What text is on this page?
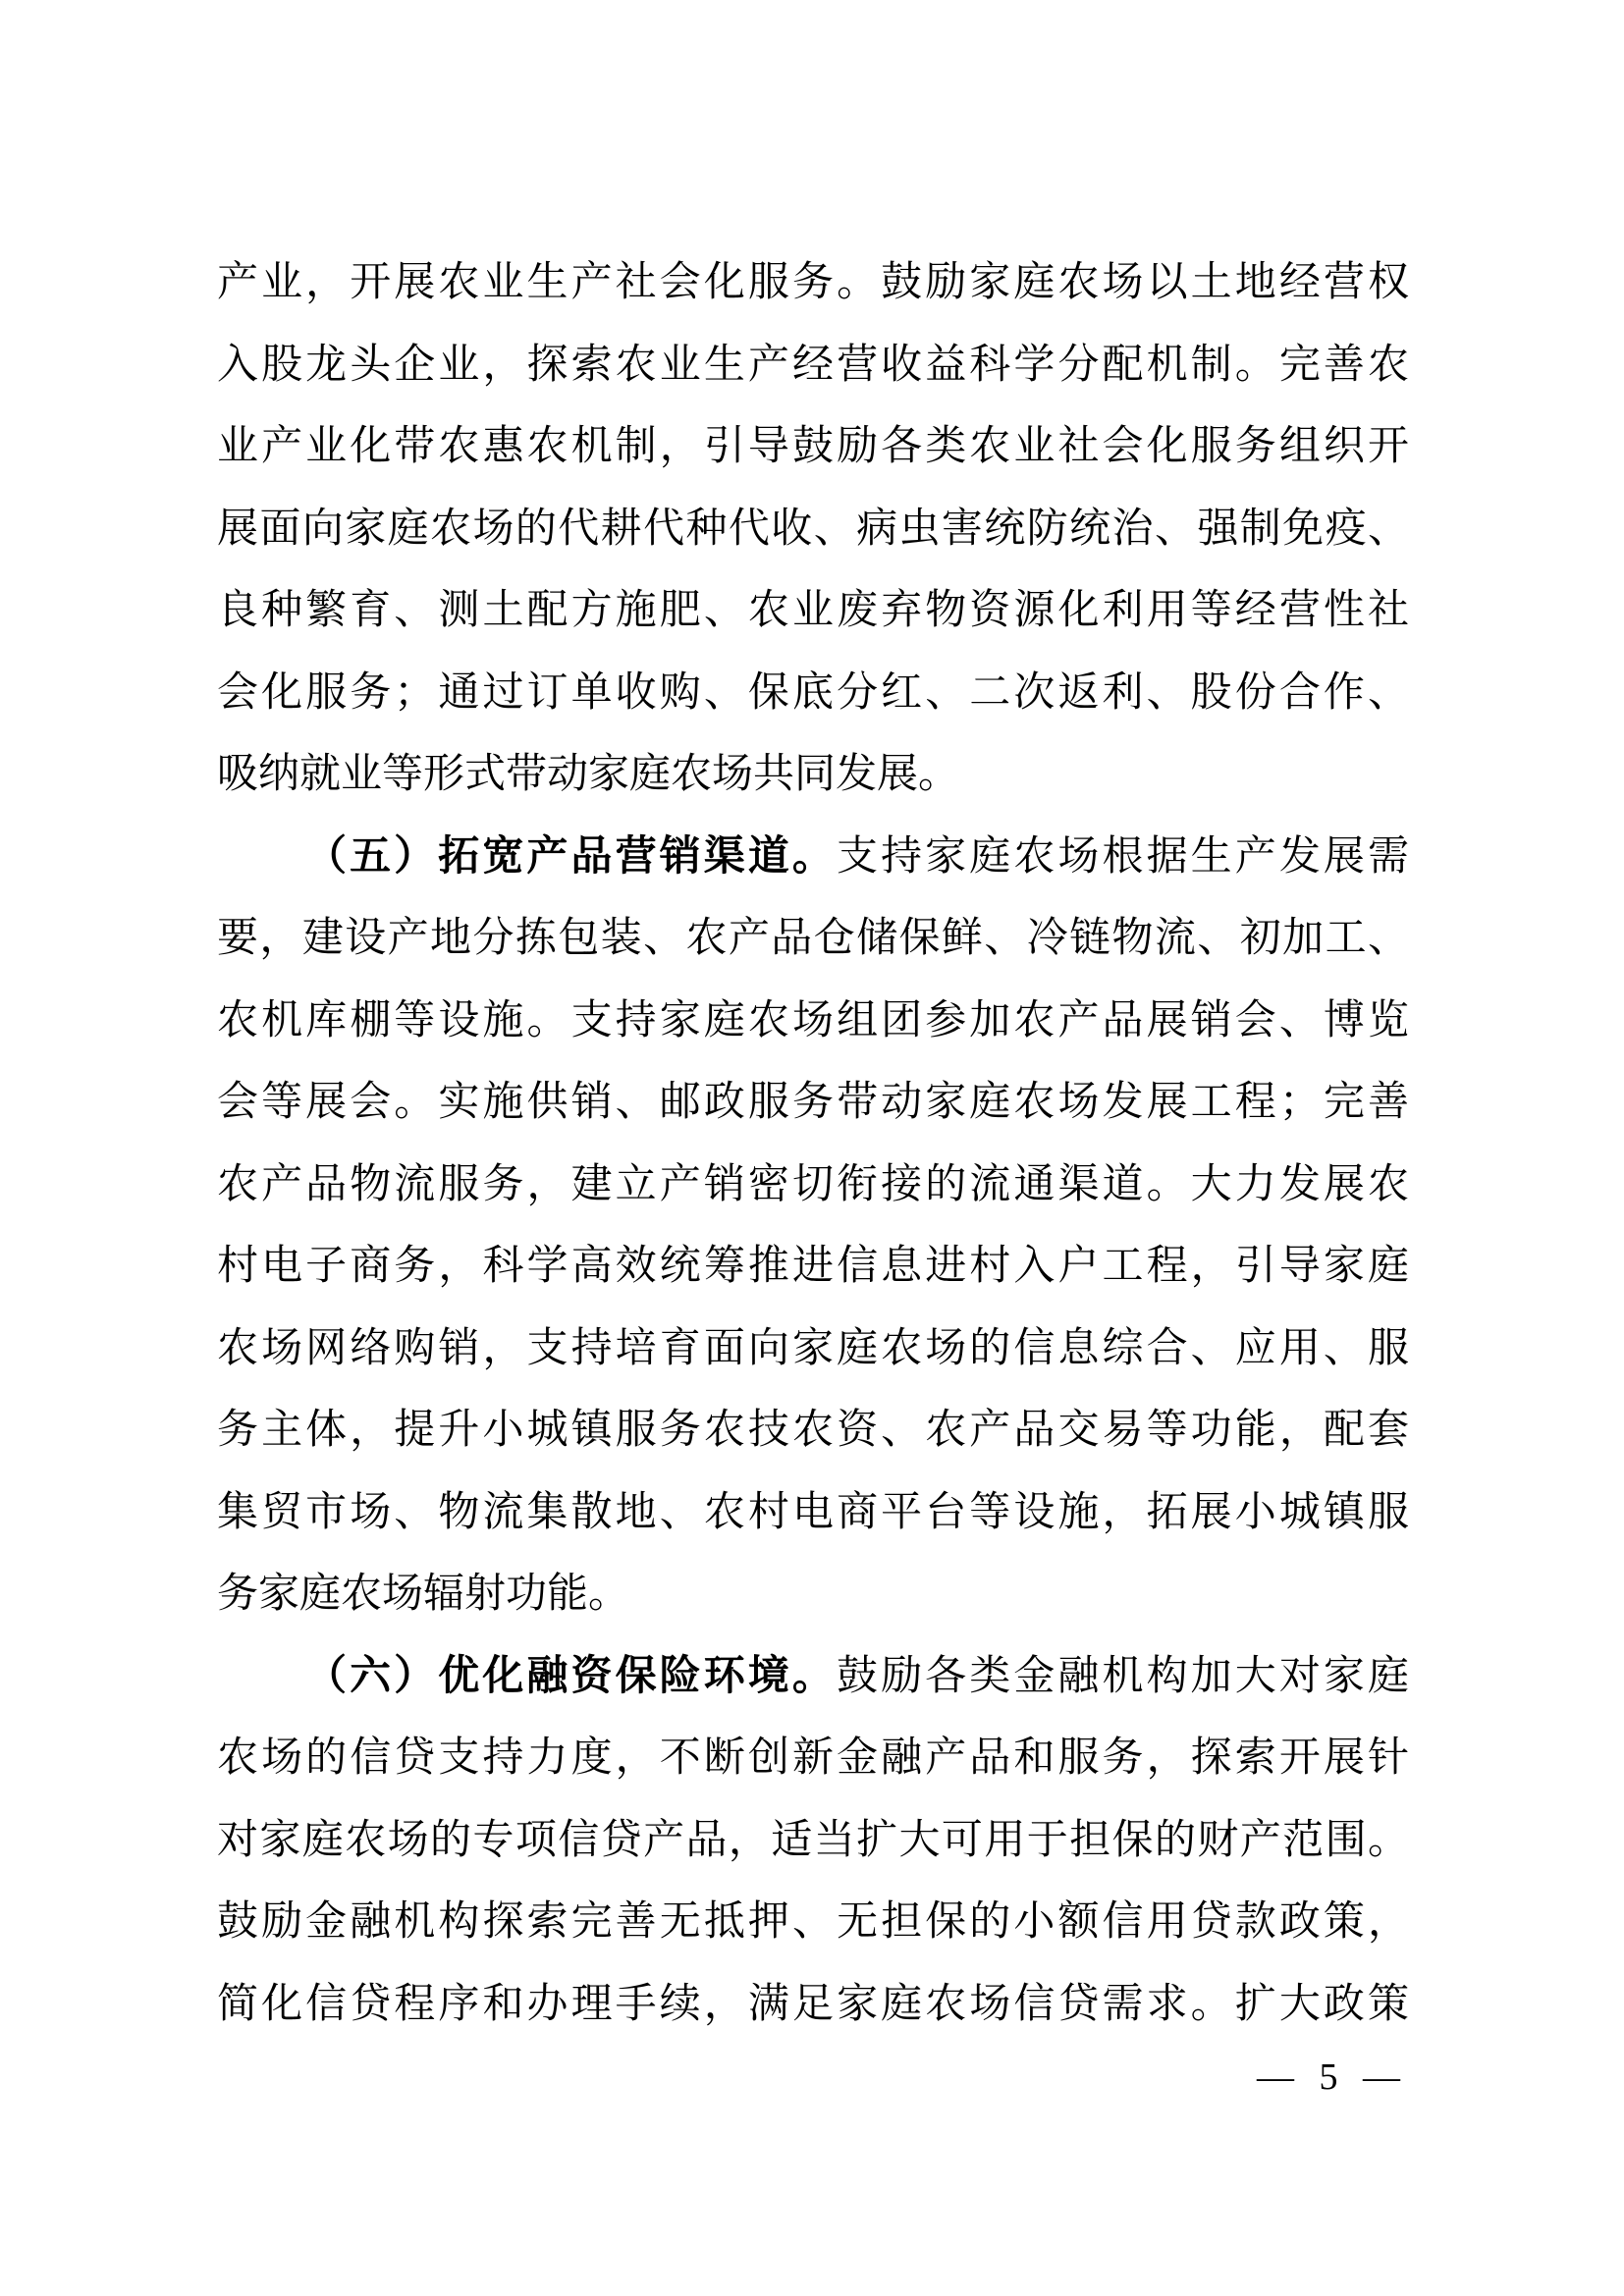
产业，开展农业生产社会化服务。鼓励家庭农场以土地经营权
入股龙头企业，探索农业生产经营收益科学分配机制。完善农
业产业化带农惠农机制，引导鼓励各类农业社会化服务组织开
展面向家庭农场的代耕代种代收、病虫害统防统治、强制免疫、
良种繁育、测土配方施肥、农业废弃物资源化利用等经营性社
会化服务；通过订单收购、保底分红、二次返利、股份合作、
吸纳就业等形式带动家庭农场共同发展。
（五）拓宽产品营销渠道。支持家庭农场根据生产发展需
要，建设产地分拣包装、农产品仓储保鲜、冷链物流、初加工、
农机库棚等设施。支持家庭农场组团参加农产品展销会、博览
会等展会。实施供销、邮政服务带动家庭农场发展工程；完善
农产品物流服务，建立产销密切衔接的流通渠道。大力发展农
村电子商务，科学高效统筹推进信息进村入户工程，引导家庭
农场网络购销，支持培育面向家庭农场的信息综合、应用、服
务主体，提升小城镇服务农技农资、农产品交易等功能，配套
集贸市场、物流集散地、农村电商平台等设施，拓展小城镇服
务家庭农场辐射功能。
（六）优化融资保险环境。鼓励各类金融机构加大对家庭
农场的信贷支持力度，不断创新金融产品和服务，探索开展针
对家庭农场的专项信贷产品，适当扩大可用于担保的财产范围。
鼓励金融机构探索完善无抵押、无担保的小额信用贷款政策，
简化信贷程序和办理手续，满足家庭农场信贷需求。扩大政策
— 5 —
